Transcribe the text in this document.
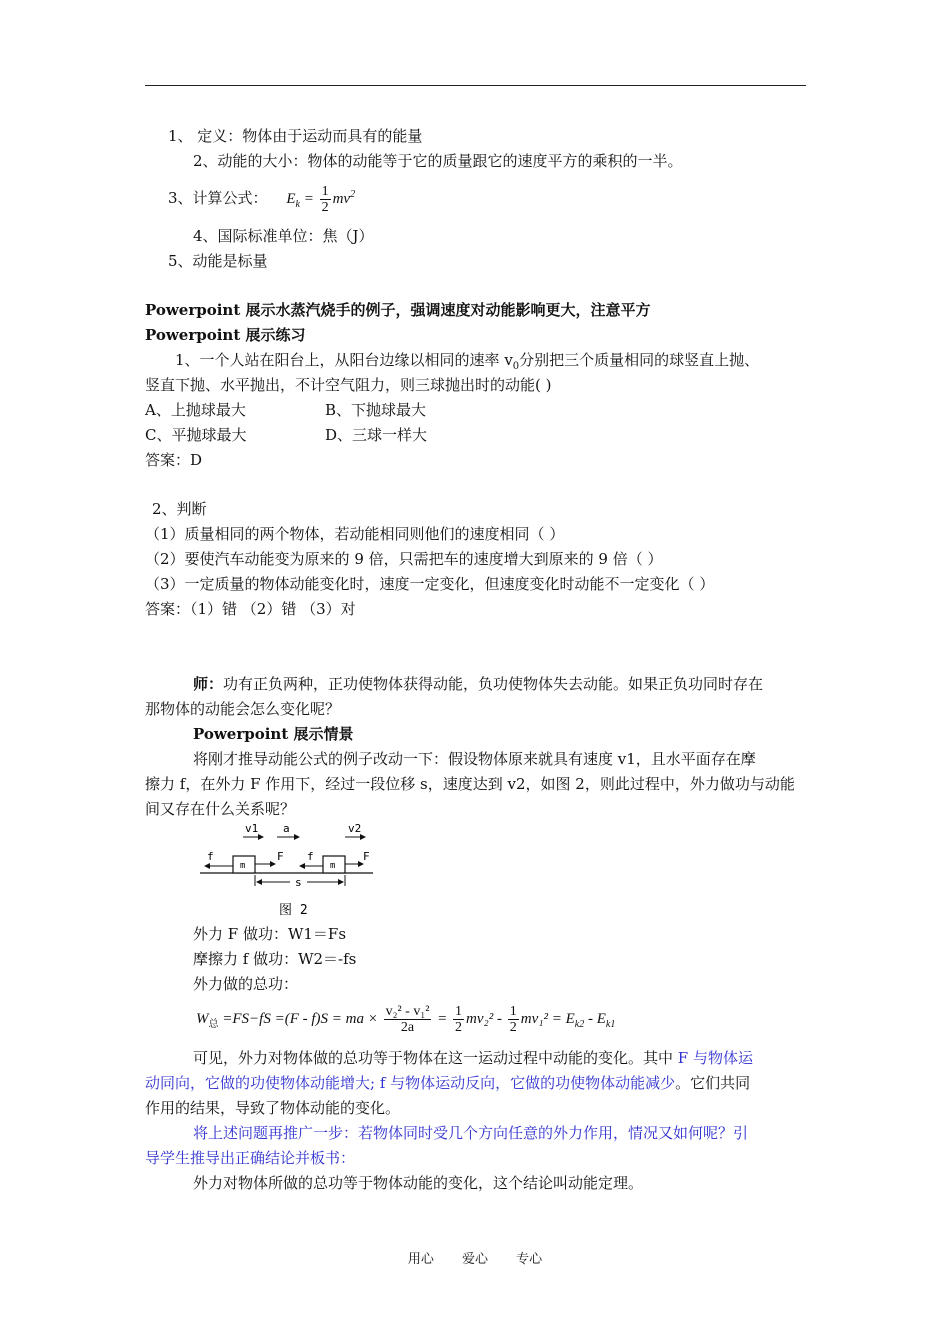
1、 定义：物体由于运动而具有的能量
2、动能的大小：物体的动能等于它的质量跟它的速度平方的乘积的一半。
3、计算公式： $E_k = \frac{1}{2} mv^2$
4、国际标准单位：焦（J）
5、动能是标量
Powerpoint 展示水蒸汽烧手的例子，强调速度对动能影响更大，注意平方
Powerpoint 展示练习
1、一个人站在阳台上，从阳台边缘以相同的速率 $v_0$分别把三个质量相同的球竖直上抛、
竖直下抛、水平抛出，不计空气阻力，则三球抛出时的动能( )
A、上抛球最大	B、下抛球最大
C、平抛球最大	D、三球一样大
答案：D
2、判断
（1）质量相同的两个物体，若动能相同则他们的速度相同（ ）
（2）要使汽车动能变为原来的 9 倍，只需把车的速度增大到原来的 9 倍（ ）
（3）一定质量的物体动能变化时，速度一定变化，但速度变化时动能不一定变化（ ）
答案：（1）错 （2）错 （3）对
师：功有正负两种，正功使物体获得动能，负功使物体失去动能。如果正负功同时存在
那物体的动能会怎么变化呢？
Powerpoint 展示情景
将刚才推导动能公式的例子改动一下：假设物体原来就具有速度 v1，且水平面存在摩
擦力 f，在外力 F 作用下，经过一段位移 s，速度达到 v2，如图 2，则此过程中，外力做功与动能
间又存在什么关系呢？
v1 a	v2
f
m
F f
m
F
s
图 2
外力 F 做功：W1＝Fs
摩擦力 f 做功：W2＝-fs
外力做的总功：
$W_总 =FS-fS =(F - f)S$ = ma × $\frac{\text{v₂² - v₁²}}{2a} = \frac{1}{2} mv_2^2 - \frac{1}{2} mv_1^2 = E_{k2} - E_{k1}$
可见，外力对物体做的总功等于物体在这一运动过程中动能的变化。其中 F 与物体运
动同向，它做的功使物体动能增大; f 与物体运动反向，它做的功使物体动能减少。它们共同
作用的结果，导致了物体动能的变化。
将上述问题再推广一步：若物体同时受几个方向任意的外力作用，情况又如何呢？引
导学生推导出正确结论并板书：
外力对物体所做的总功等于物体动能的变化，这个结论叫动能定理。
用心 爱心 专心
